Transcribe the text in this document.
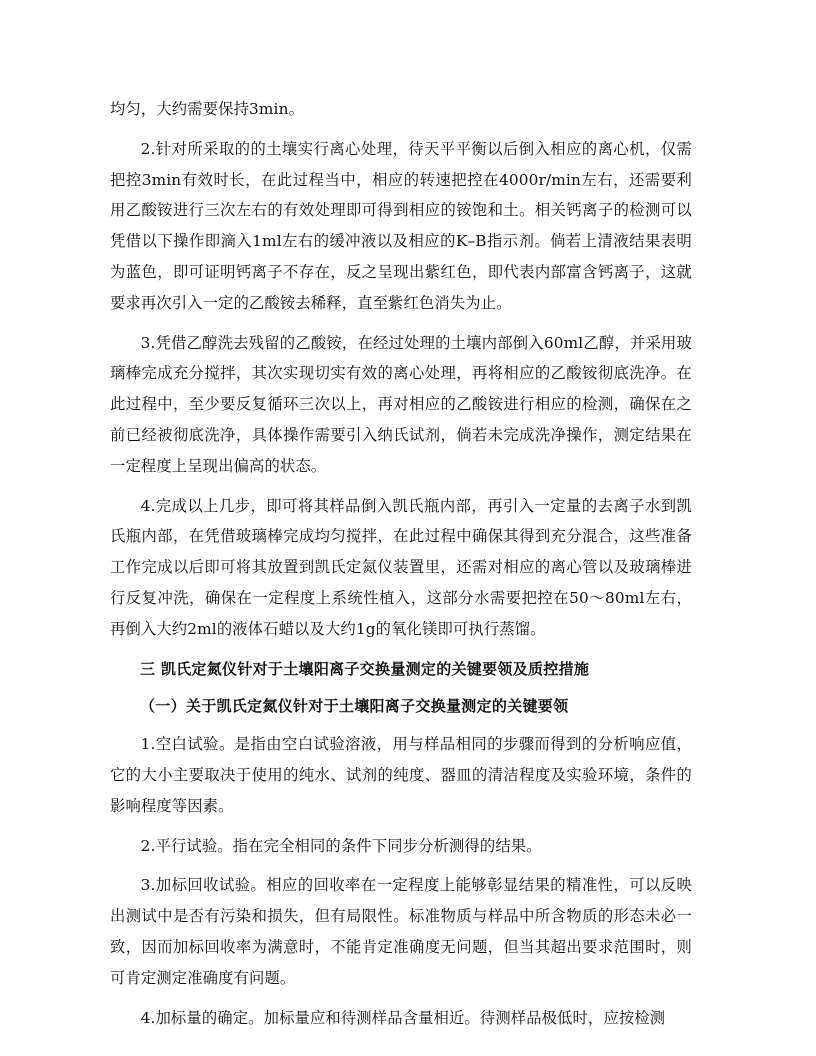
均匀，大约需要保持3min。

2.针对所采取的的土壤实行离心处理，待天平平衡以后倒入相应的离心机，仅需把控3min有效时长，在此过程当中，相应的转速把控在4000r/min左右，还需要利用乙酸铵进行三次左右的有效处理即可得到相应的铵饱和土。相关钙离子的检测可以凭借以下操作即滴入1ml左右的缓冲液以及相应的K–B指示剂。倘若上清液结果表明为蓝色，即可证明钙离子不存在，反之呈现出紫红色，即代表内部富含钙离子，这就要求再次引入一定的乙酸铵去稀释，直至紫红色消失为止。

3.凭借乙醇洗去残留的乙酸铵，在经过处理的土壤内部倒入60ml乙醇，并采用玻璃棒完成充分搅拌，其次实现切实有效的离心处理，再将相应的乙酸铵彻底洗净。在此过程中，至少要反复循环三次以上，再对相应的乙酸铵进行相应的检测，确保在之前已经被彻底洗净，具体操作需要引入纳氏试剂，倘若未完成洗净操作，测定结果在一定程度上呈现出偏高的状态。

4.完成以上几步，即可将其样品倒入凯氏瓶内部，再引入一定量的去离子水到凯氏瓶内部，在凭借玻璃棒完成均匀搅拌，在此过程中确保其得到充分混合，这些准备工作完成以后即可将其放置到凯氏定氮仪装置里，还需对相应的离心管以及玻璃棒进行反复冲洗，确保在一定程度上系统性植入，这部分水需要把控在50～80ml左右，再倒入大约2ml的液体石蜡以及大约1g的氧化镁即可执行蒸馏。

三 凯氏定氮仪针对于土壤阳离子交换量测定的关键要领及质控措施

（一）关于凯氏定氮仪针对于土壤阳离子交换量测定的关键要领

1.空白试验。是指由空白试验溶液，用与样品相同的步骤而得到的分析响应值，它的大小主要取决于使用的纯水、试剂的纯度、器皿的清洁程度及实验环境，条件的影响程度等因素。

2.平行试验。指在完全相同的条件下同步分析测得的结果。

3.加标回收试验。相应的回收率在一定程度上能够彰显结果的精准性，可以反映出测试中是否有污染和损失，但有局限性。标准物质与样品中所含物质的形态未必一致，因而加标回收率为满意时，不能肯定准确度无问题，但当其超出要求范围时，则可肯定测定准确度有问题。

4.加标量的确定。加标量应和待测样品含量相近。待测样品极低时，应按检测
